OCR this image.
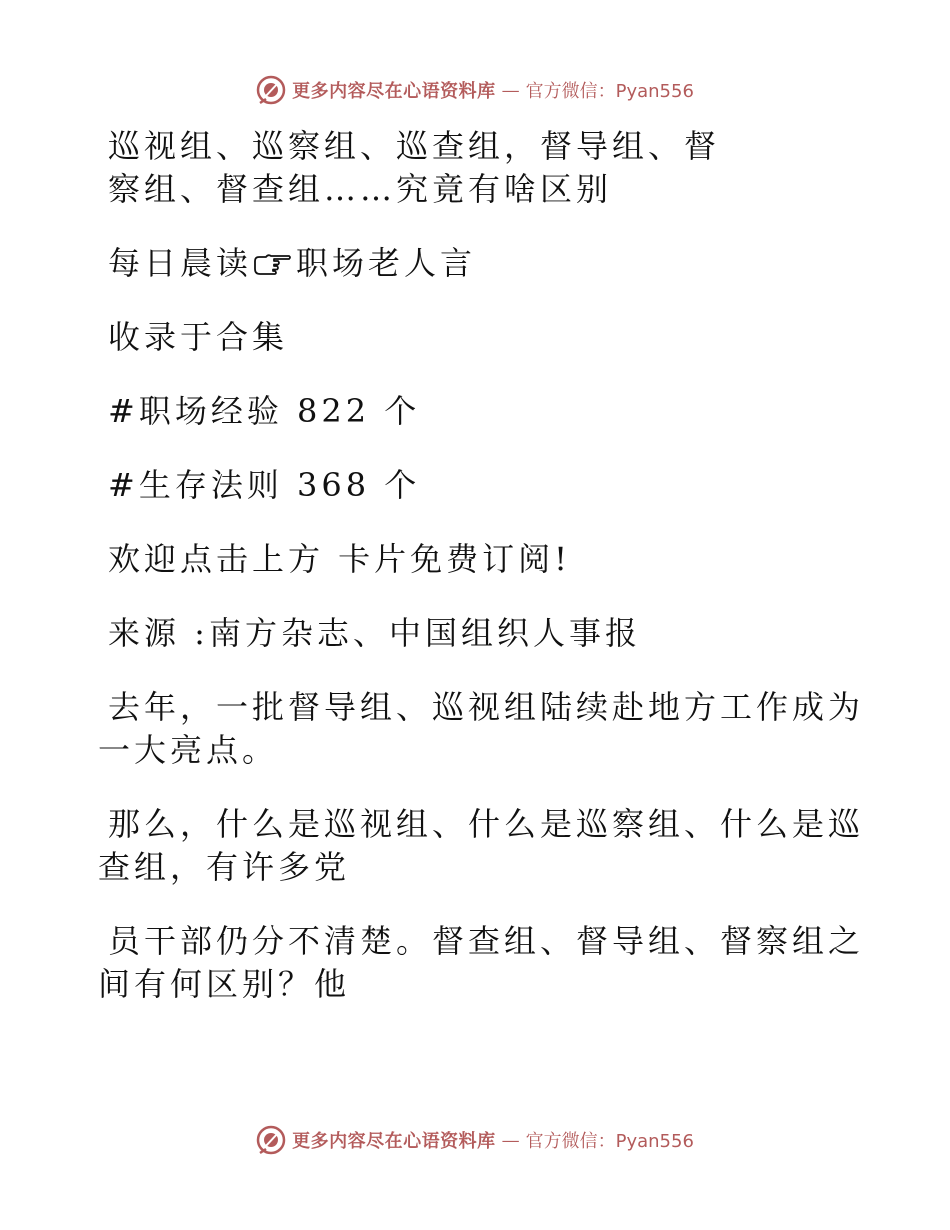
更多内容尽在心语资料库 — 官方微信：Pyan556
巡视组、巡察组、巡查组，督导组、督
察组、督查组……究竟有啥区别
每日晨读 职场老人言
收录于合集
#职场经验 822 个
#生存法则 368 个
欢迎点击上方 卡片免费订阅!
来源 :南方杂志、中国组织人事报
去年，一批督导组、巡视组陆续赴地方工作成为
一大亮点。
那么，什么是巡视组、什么是巡察组、什么是巡
查组，有许多党
员干部仍分不清楚。督查组、督导组、督察组之
间有何区别？他
更多内容尽在心语资料库 — 官方微信：Pyan556
